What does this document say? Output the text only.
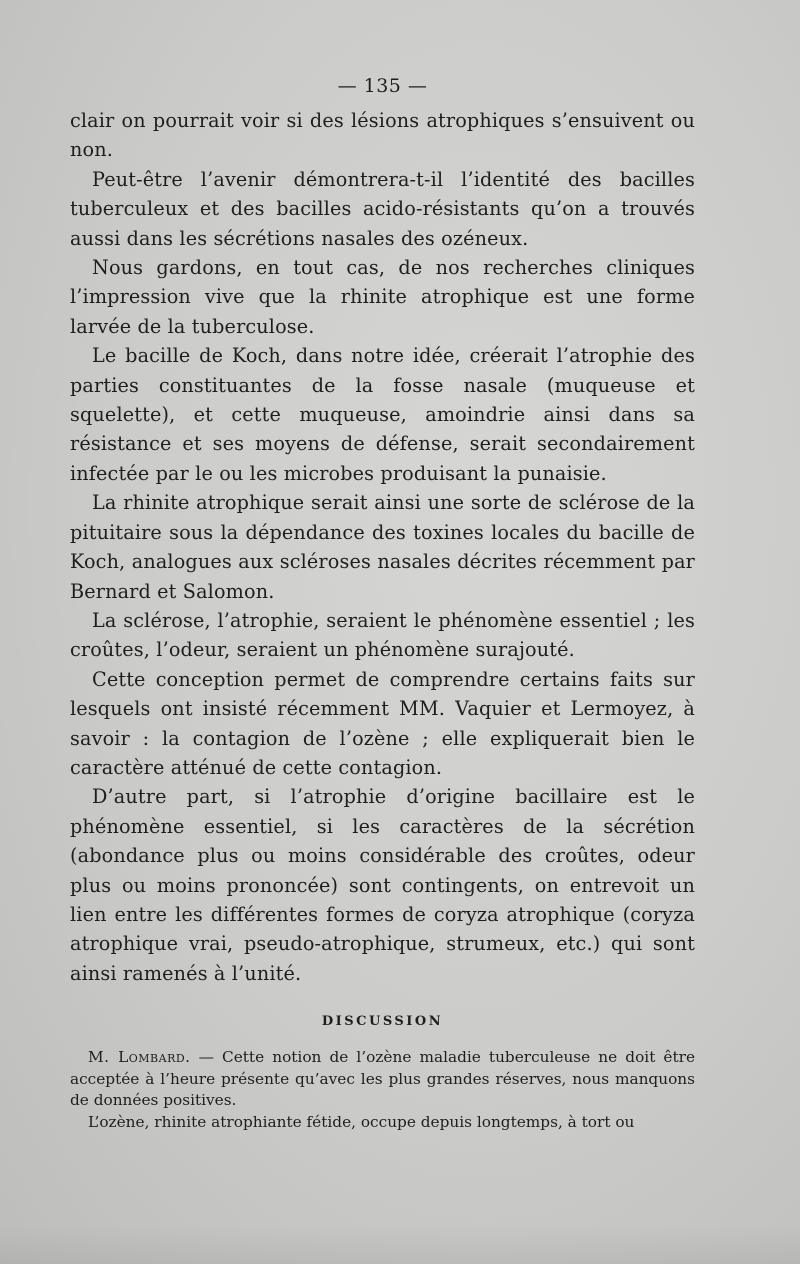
— 135 —

clair on pourrait voir si des lésions atrophiques s’ensuivent ou non.

Peut-être l’avenir démontrera-t-il l’identité des bacilles tuberculeux et des bacilles acido-résistants qu’on a trouvés aussi dans les sécrétions nasales des ozéneux.

Nous gardons, en tout cas, de nos recherches cliniques l’impression vive que la rhinite atrophique est une forme larvée de la tuberculose.

Le bacille de Koch, dans notre idée, créerait l’atrophie des parties constituantes de la fosse nasale (muqueuse et squelette), et cette muqueuse, amoindrie ainsi dans sa résistance et ses moyens de défense, serait secondairement infectée par le ou les microbes produisant la punaisie.

La rhinite atrophique serait ainsi une sorte de sclérose de la pituitaire sous la dépendance des toxines locales du bacille de Koch, analogues aux scléroses nasales décrites récemment par Bernard et Salomon.

La sclérose, l’atrophie, seraient le phénomène essentiel ; les croûtes, l’odeur, seraient un phénomène surajouté.

Cette conception permet de comprendre certains faits sur lesquels ont insisté récemment MM. Vaquier et Lermoyez, à savoir : la contagion de l’ozène ; elle expliquerait bien le caractère atténué de cette contagion.

D’autre part, si l’atrophie d’origine bacillaire est le phénomène essentiel, si les caractères de la sécrétion (abondance plus ou moins considérable des croûtes, odeur plus ou moins prononcée) sont contingents, on entrevoit un lien entre les différentes formes de coryza atrophique (coryza atrophique vrai, pseudo-atrophique, strumeux, etc.) qui sont ainsi ramenés à l’unité.

DISCUSSION

M. Lombard. — Cette notion de l’ozène maladie tuberculeuse ne doit être acceptée à l’heure présente qu’avec les plus grandes réserves, nous manquons de données positives.

L’ozène, rhinite atrophiante fétide, occupe depuis longtemps, à tort ou
